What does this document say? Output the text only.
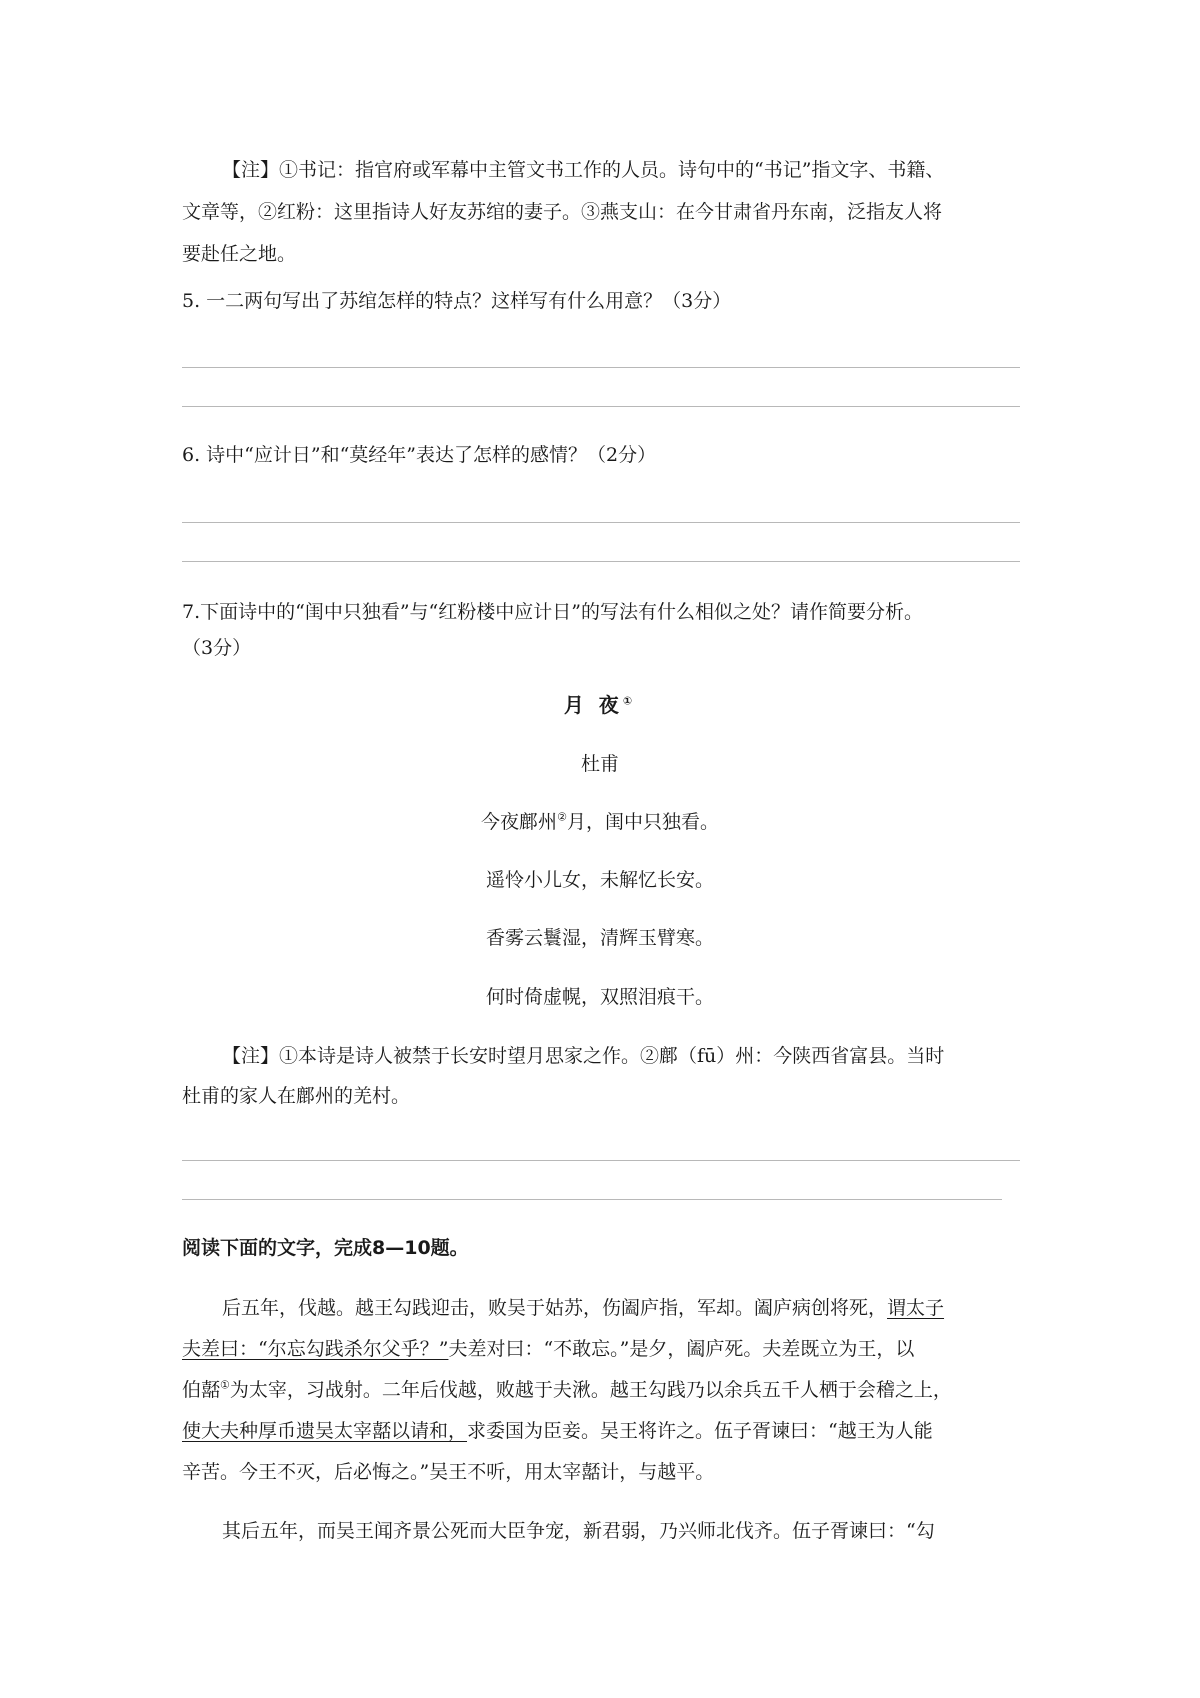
【注】①书记：指官府或军幕中主管文书工作的人员。诗句中的“书记”指文字、书籍、
文章等，②红粉：这里指诗人好友苏绾的妻子。③燕支山：在今甘肃省丹东南，泛指友人将
要赴任之地。
5. 一二两句写出了苏绾怎样的特点？这样写有什么用意？（3分）
6. 诗中“应计日”和“莫经年”表达了怎样的感情？（2分）
7.下面诗中的“闺中只独看”与“红粉楼中应计日”的写法有什么相似之处？请作简要分析。
（3分）
月 夜①
杜甫
今夜鄜州②月，闺中只独看。
遥怜小儿女，未解忆长安。
香雾云鬟湿，清辉玉臂寒。
何时倚虚幌，双照泪痕干。
【注】①本诗是诗人被禁于长安时望月思家之作。②鄜（fū）州：今陕西省富县。当时
杜甫的家人在鄜州的羌村。
阅读下面的文字，完成8—10题。
后五年，伐越。越王勾践迎击，败吴于姑苏，伤阖庐指，军却。阖庐病创将死，谓太子
夫差曰：“尔忘勾践杀尔父乎？”夫差对曰：“不敢忘。”是夕，阖庐死。夫差既立为王，以
伯嚭①为太宰，习战射。二年后伐越，败越于夫湫。越王勾践乃以余兵五千人栖于会稽之上，
使大夫种厚币遗吴太宰嚭以请和，求委国为臣妾。吴王将许之。伍子胥谏曰：“越王为人能
辛苦。今王不灭，后必悔之。”吴王不听，用太宰嚭计，与越平。
其后五年，而吴王闻齐景公死而大臣争宠，新君弱，乃兴师北伐齐。伍子胥谏曰：“勾
